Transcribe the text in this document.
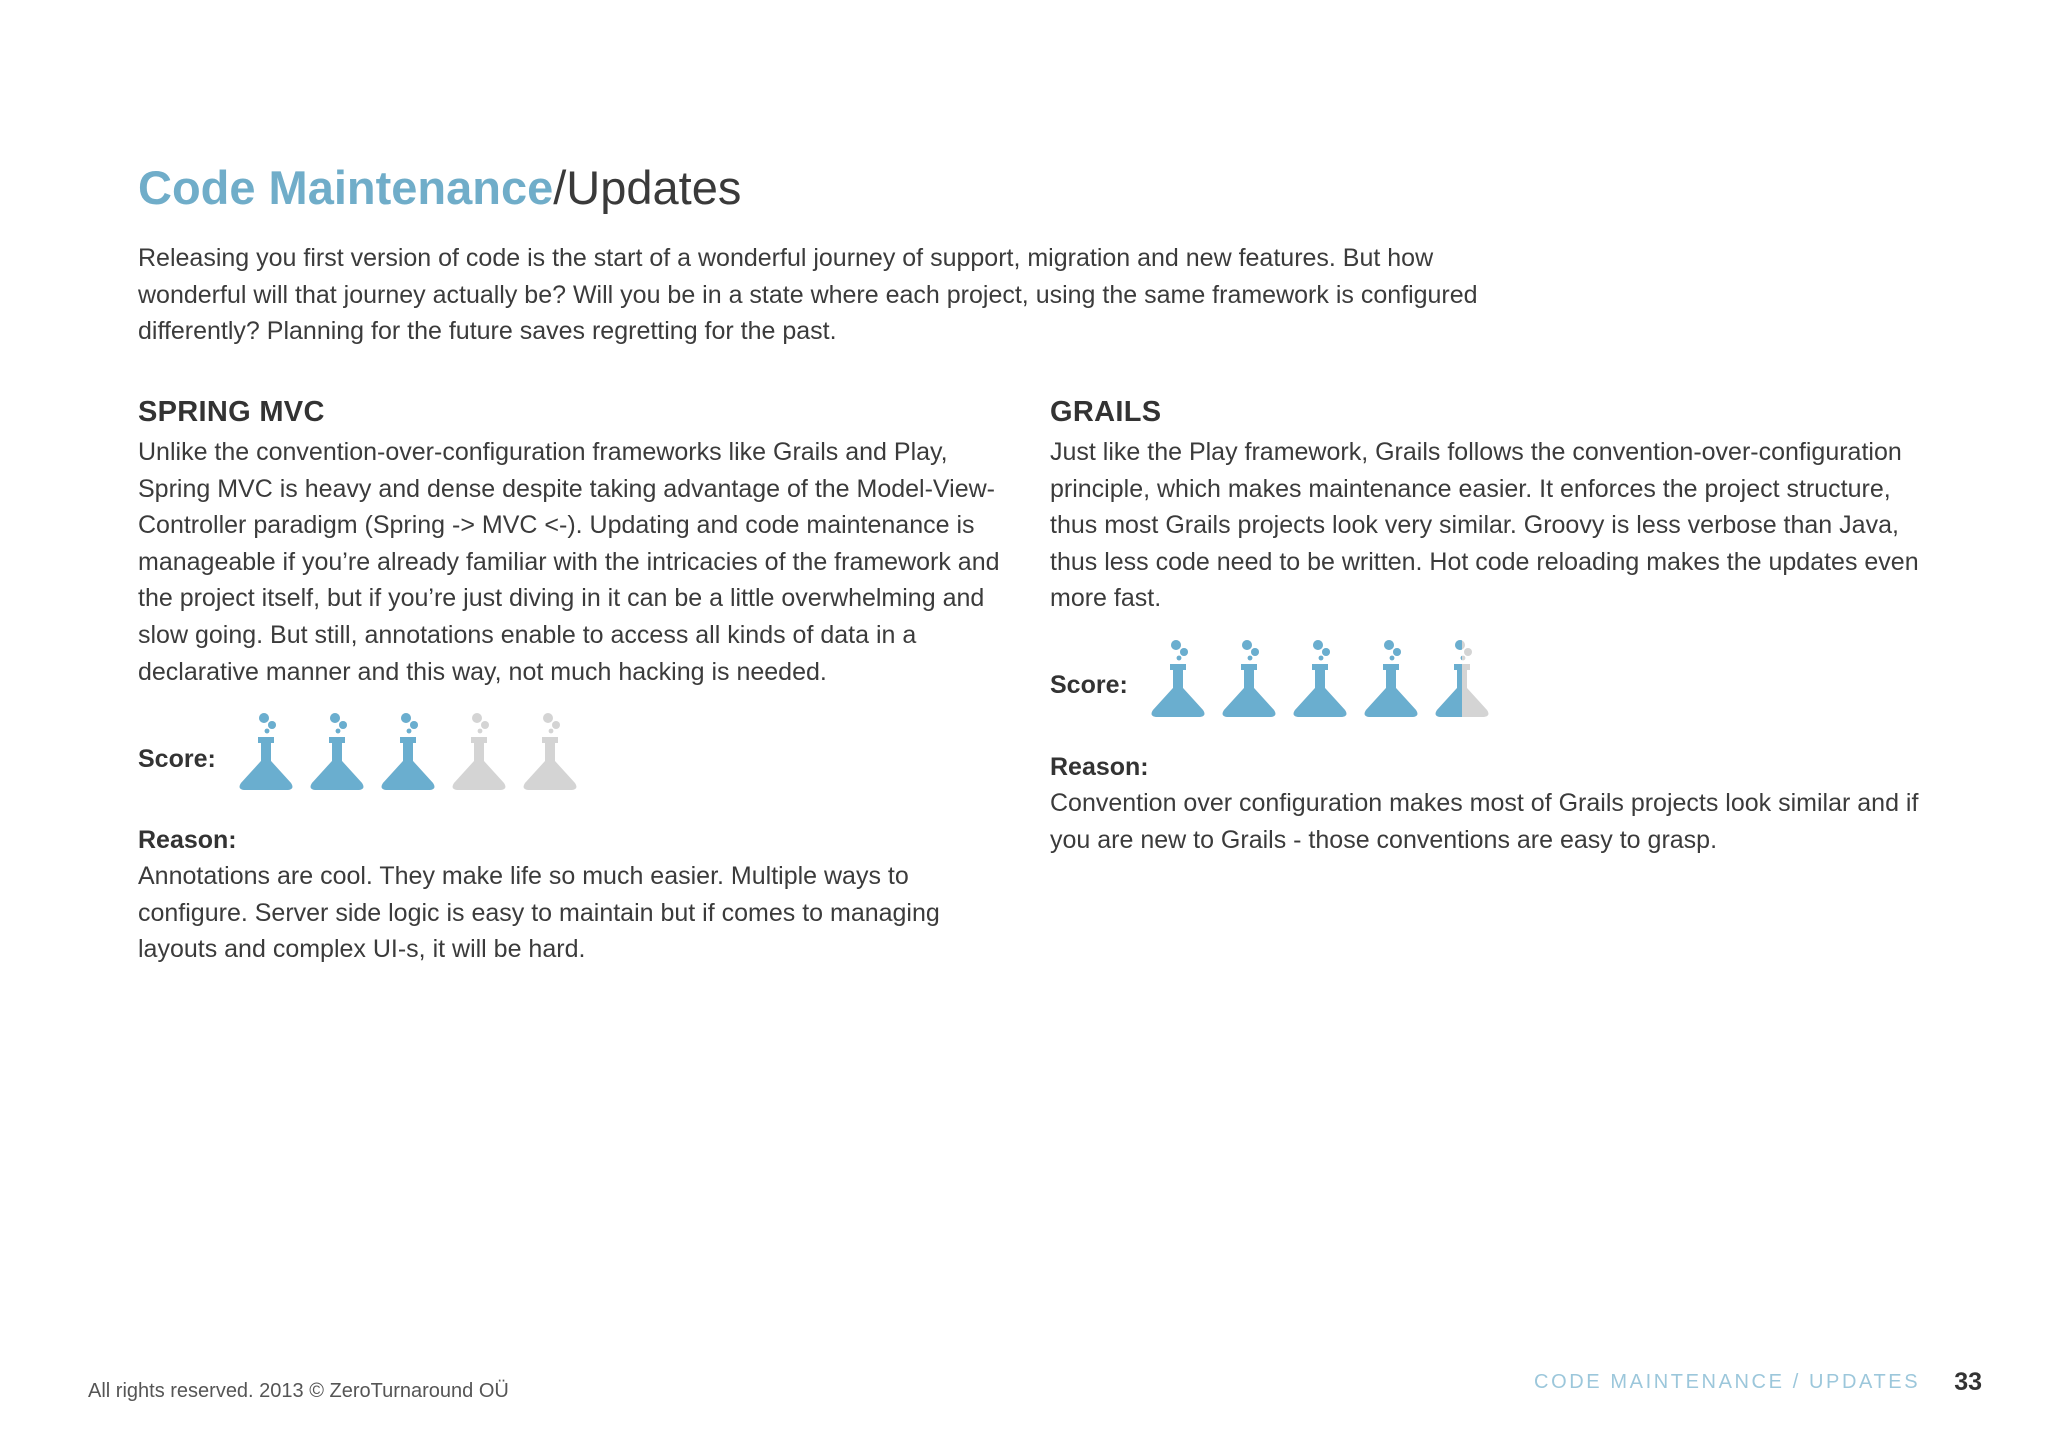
Code Maintenance/Updates

Releasing you first version of code is the start of a wonderful journey of support, migration and new features. But how wonderful will that journey actually be? Will you be in a state where each project, using the same framework is configured differently? Planning for the future saves regretting for the past.

SPRING MVC

Unlike the convention-over-configuration frameworks like Grails and Play, Spring MVC is heavy and dense despite taking advantage of the Model-View-Controller paradigm (Spring -> MVC <-). Updating and code maintenance is manageable if you’re already familiar with the intricacies of the framework and the project itself, but if you’re just diving in it can be a little overwhelming and slow going. But still, annotations enable to access all kinds of data in a declarative manner and this way, not much hacking is needed.

Score:

Reason:

Annotations are cool. They make life so much easier. Multiple ways to configure. Server side logic is easy to maintain but if comes to managing layouts and complex UI-s, it will be hard.

GRAILS

Just like the Play framework, Grails follows the convention-over-configuration principle, which makes maintenance easier. It enforces the project structure, thus most Grails projects look very similar. Groovy is less verbose than Java, thus less code need to be written. Hot code reloading makes the updates even more fast.

Score:

Reason:

Convention over configuration makes most of Grails projects look similar and if you are new to Grails - those conventions are easy to grasp.

All rights reserved. 2013 © ZeroTurnaround OÜ	CODE MAINTENANCE / UPDATES 33
